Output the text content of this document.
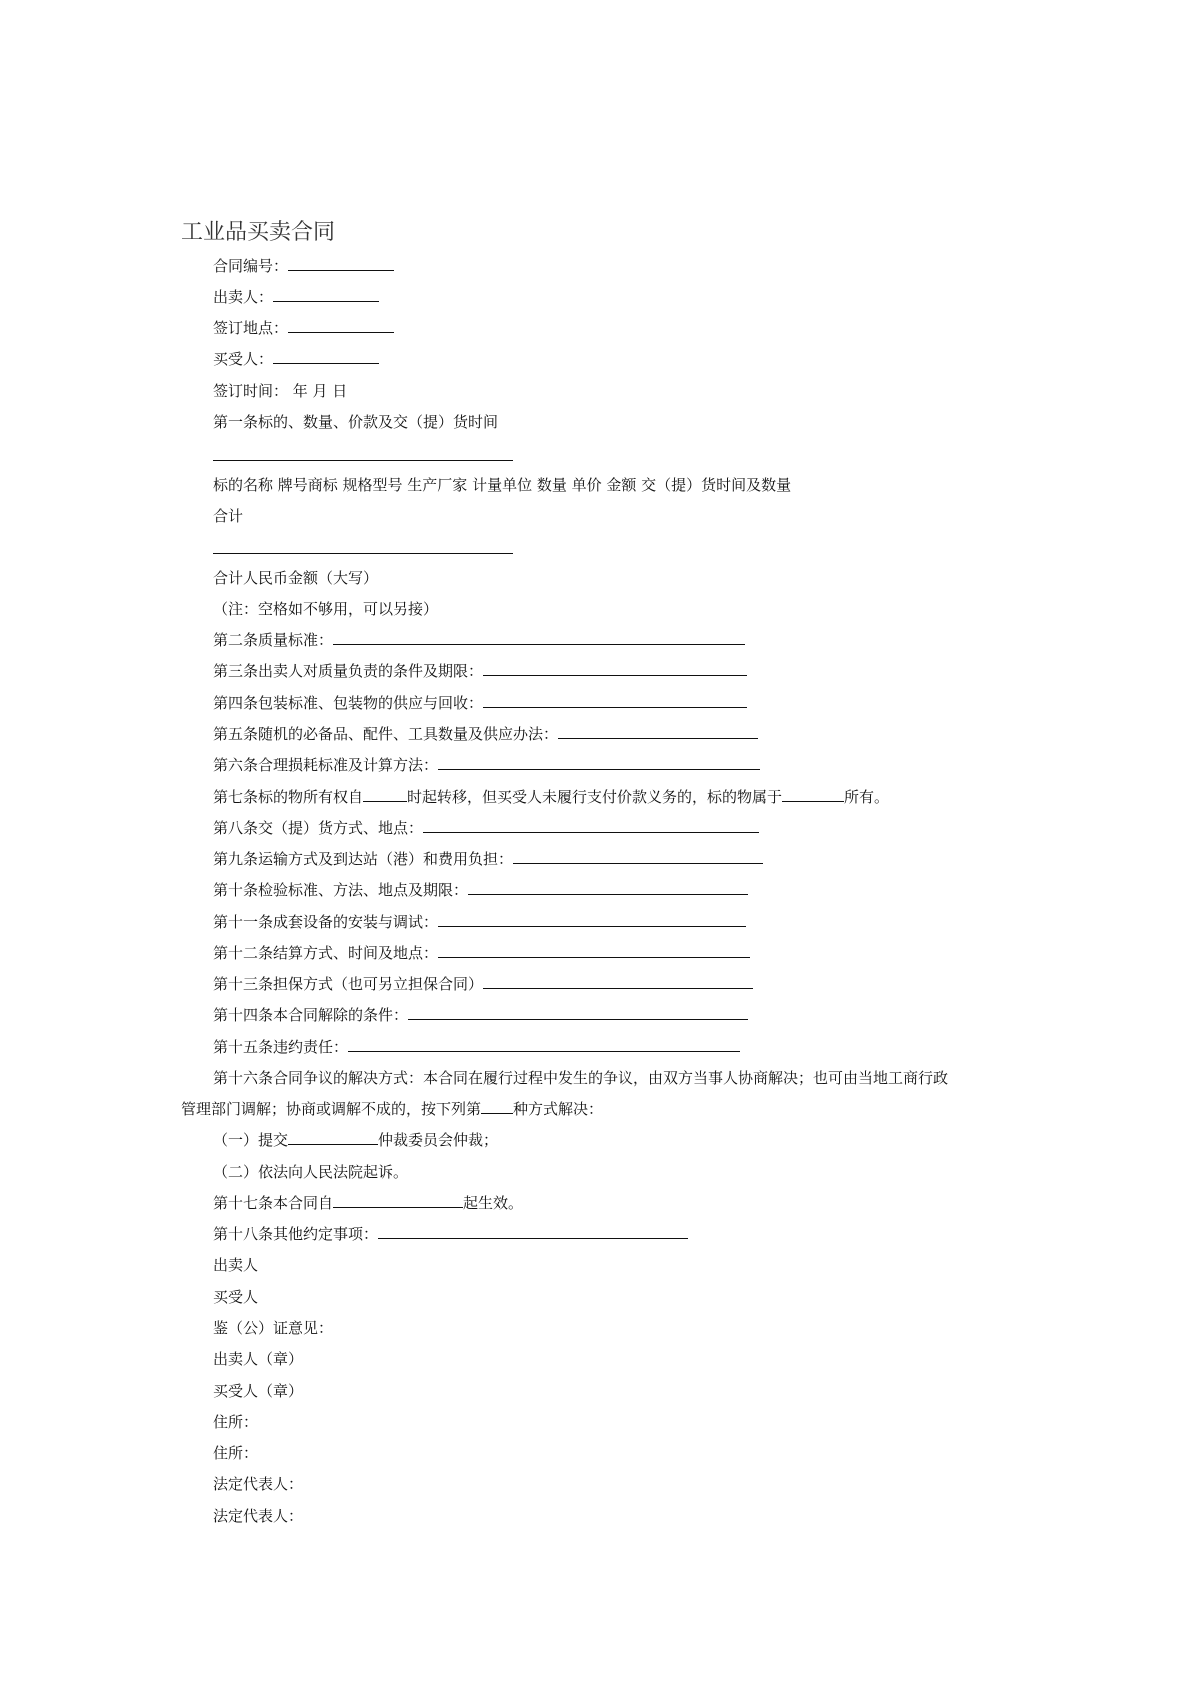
工业品买卖合同
合同编号：
出卖人：
签订地点：
买受人：
签订时间： 年 月 日
第一条标的、数量、价款及交（提）货时间
标的名称 牌号商标 规格型号 生产厂家 计量单位 数量 单价 金额 交（提）货时间及数量
合计
合计人民币金额（大写）
（注：空格如不够用，可以另接）
第二条质量标准：
第三条出卖人对质量负责的条件及期限：
第四条包装标准、包装物的供应与回收：
第五条随机的必备品、配件、工具数量及供应办法：
第六条合理损耗标准及计算方法：
第七条标的物所有权自	时起转移，但买受人未履行支付价款义务的，标的物属于	所有。
第八条交（提）货方式、地点：
第九条运输方式及到达站（港）和费用负担：
第十条检验标准、方法、地点及期限：
第十一条成套设备的安装与调试：
第十二条结算方式、时间及地点：
第十三条担保方式（也可另立担保合同）
第十四条本合同解除的条件：
第十五条违约责任：
第十六条合同争议的解决方式：本合同在履行过程中发生的争议，由双方当事人协商解决；也可由当地工商行政
管理部门调解；协商或调解不成的，按下列第 种方式解决：
（一）提交	仲裁委员会仲裁；
（二）依法向人民法院起诉。
第十七条本合同自	起生效。
第十八条其他约定事项：
出卖人
买受人
鉴（公）证意见：
出卖人（章）
买受人（章）
住所：
住所：
法定代表人：
法定代表人：
